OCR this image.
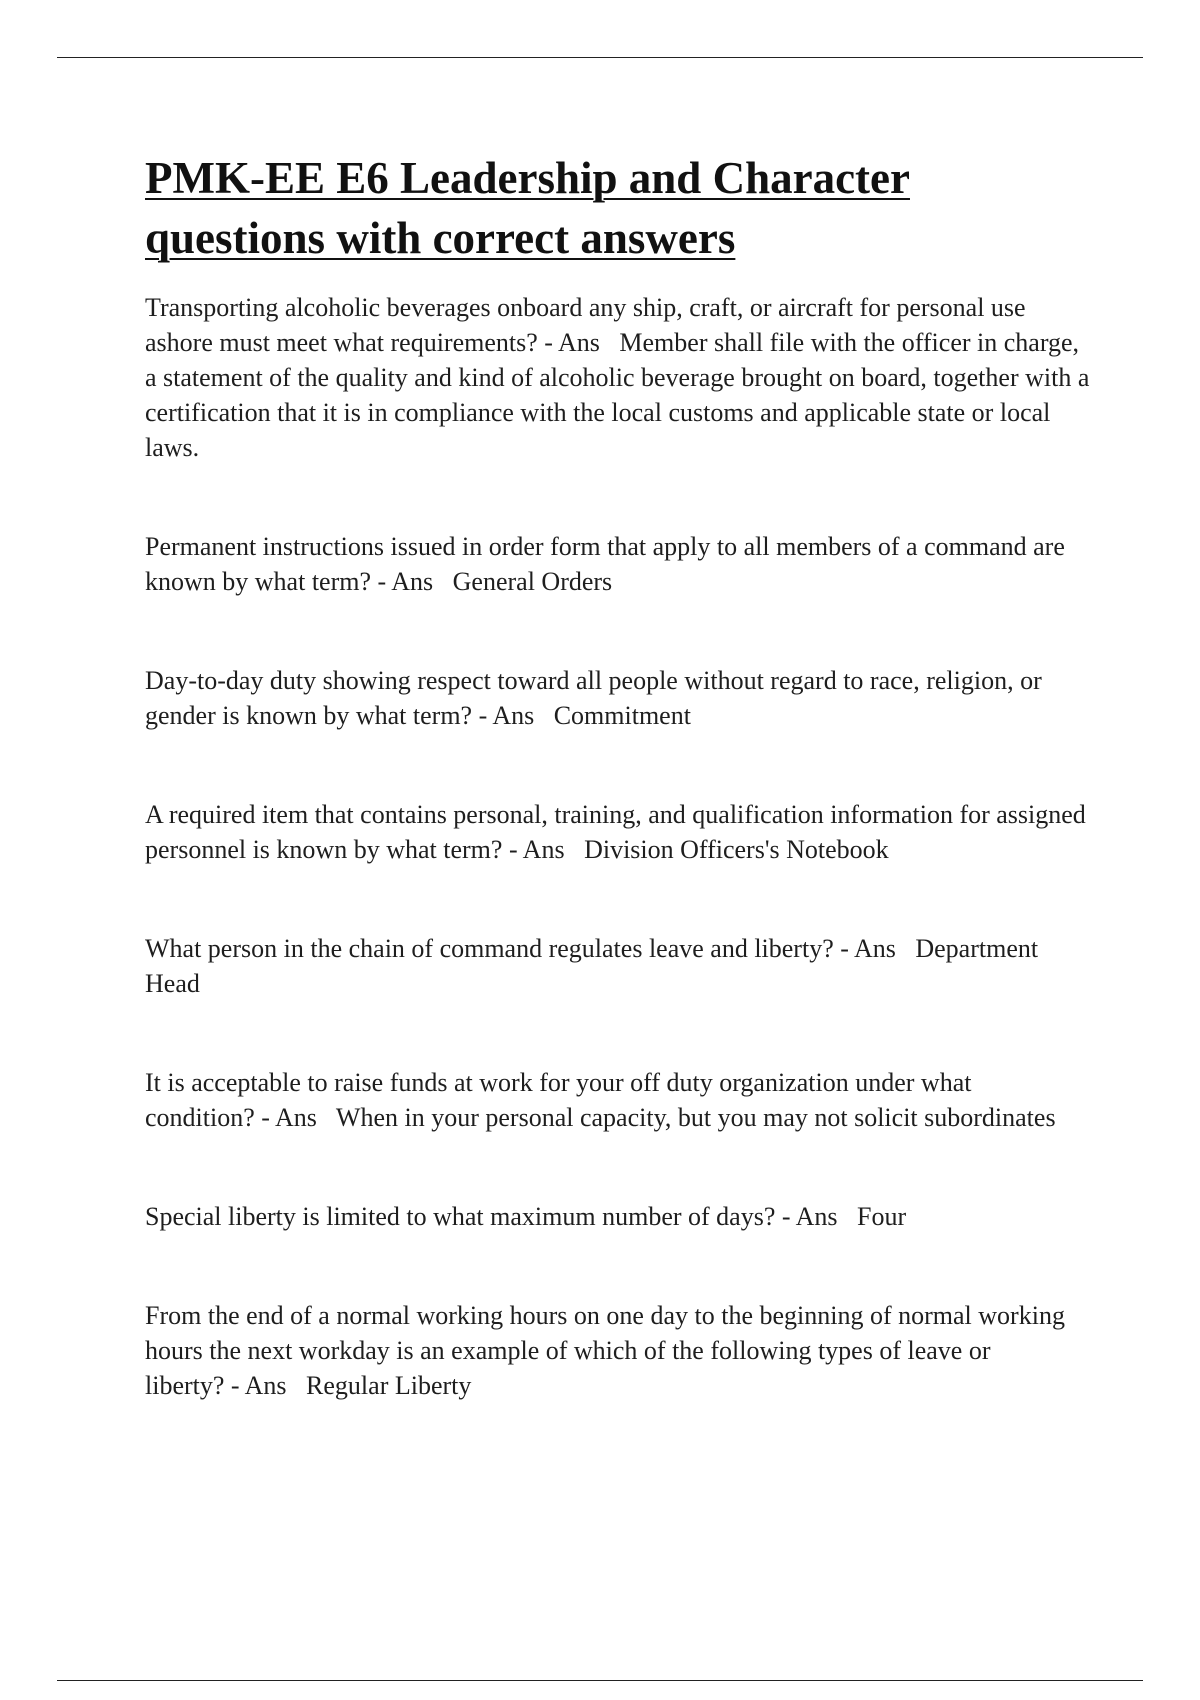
PMK-EE E6 Leadership and Character questions with correct answers
Transporting alcoholic beverages onboard any ship, craft, or aircraft for personal use ashore must meet what requirements? - Ans   Member shall file with the officer in charge, a statement of the quality and kind of alcoholic beverage brought on board, together with a certification that it is in compliance with the local customs and applicable state or local laws.
Permanent instructions issued in order form that apply to all members of a command are known by what term? - Ans   General Orders
Day-to-day duty showing respect toward all people without regard to race, religion, or gender is known by what term? - Ans   Commitment
A required item that contains personal, training, and qualification information for assigned personnel is known by what term? - Ans   Division Officers's Notebook
What person in the chain of command regulates leave and liberty? - Ans   Department Head
It is acceptable to raise funds at work for your off duty organization under what condition? - Ans   When in your personal capacity, but you may not solicit subordinates
Special liberty is limited to what maximum number of days? - Ans   Four
From the end of a normal working hours on one day to the beginning of normal working hours the next workday is an example of which of the following types of leave or liberty? - Ans   Regular Liberty
